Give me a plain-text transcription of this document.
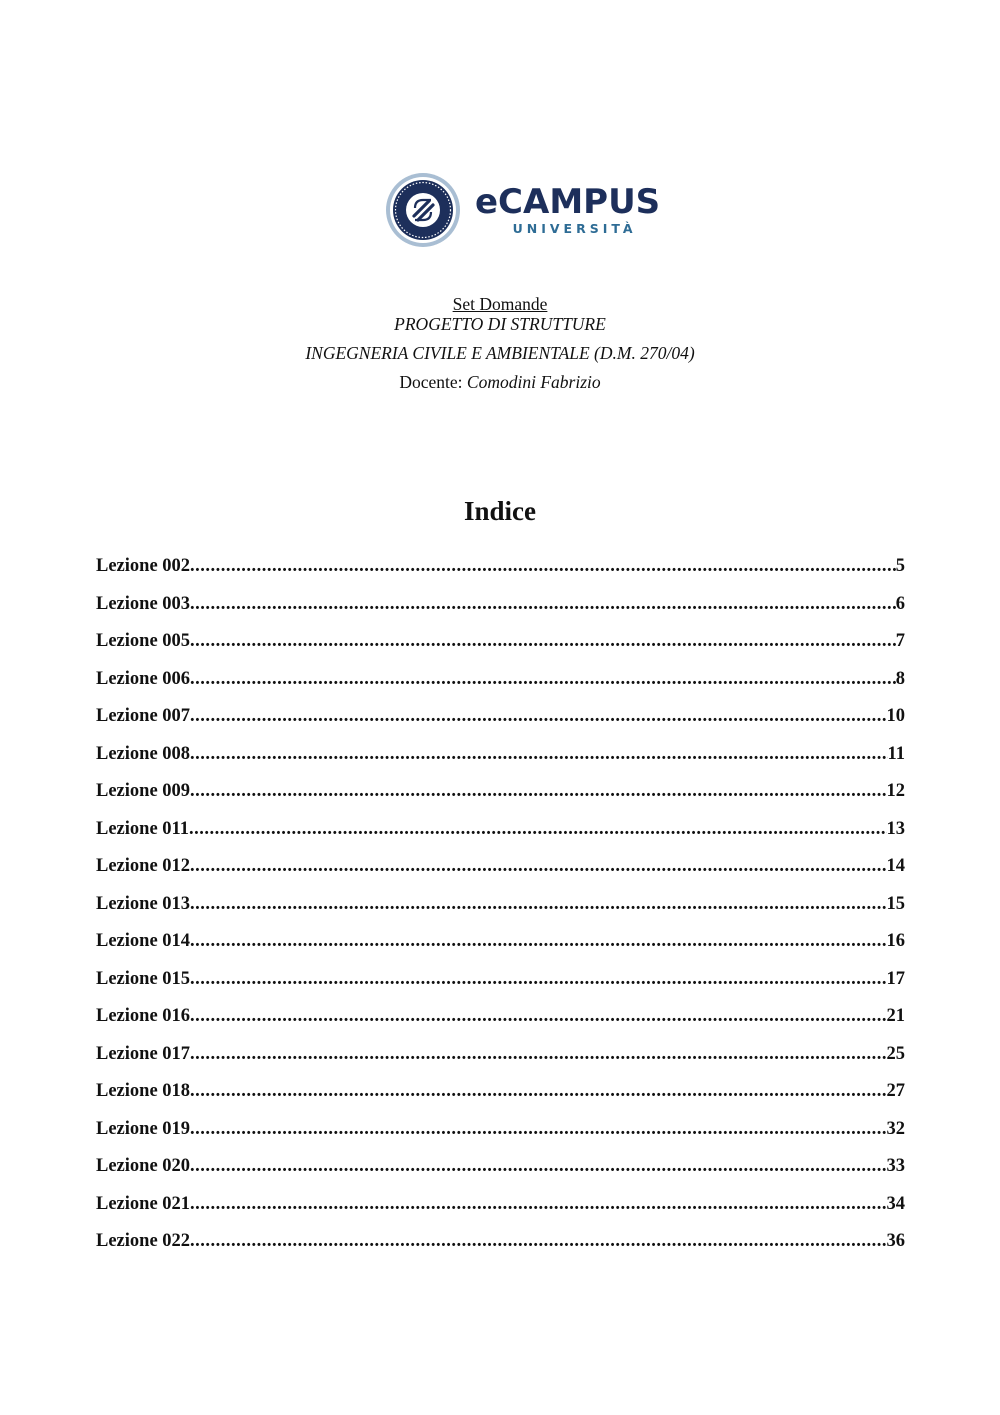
eCAMPUS
UNIVERSITÀ
Set Domande
PROGETTO DI STRUTTURE
INGEGNERIA CIVILE E AMBIENTALE (D.M. 270/04)
Docente: Comodini Fabrizio
Indice
Lezione 002 .....	5
Lezione 003 .....	6
Lezione 005 .....	7
Lezione 006 .....	8
Lezione 007 .....	10
Lezione 008 .....	11
Lezione 009 .....	12
Lezione 011 .....	13
Lezione 012 .....	14
Lezione 013 .....	15
Lezione 014 .....	16
Lezione 015 .....	17
Lezione 016 .....	21
Lezione 017 .....	25
Lezione 018 .....	27
Lezione 019 .....	32
Lezione 020 .....	33
Lezione 021 .....	34
Lezione 022 .....	36
